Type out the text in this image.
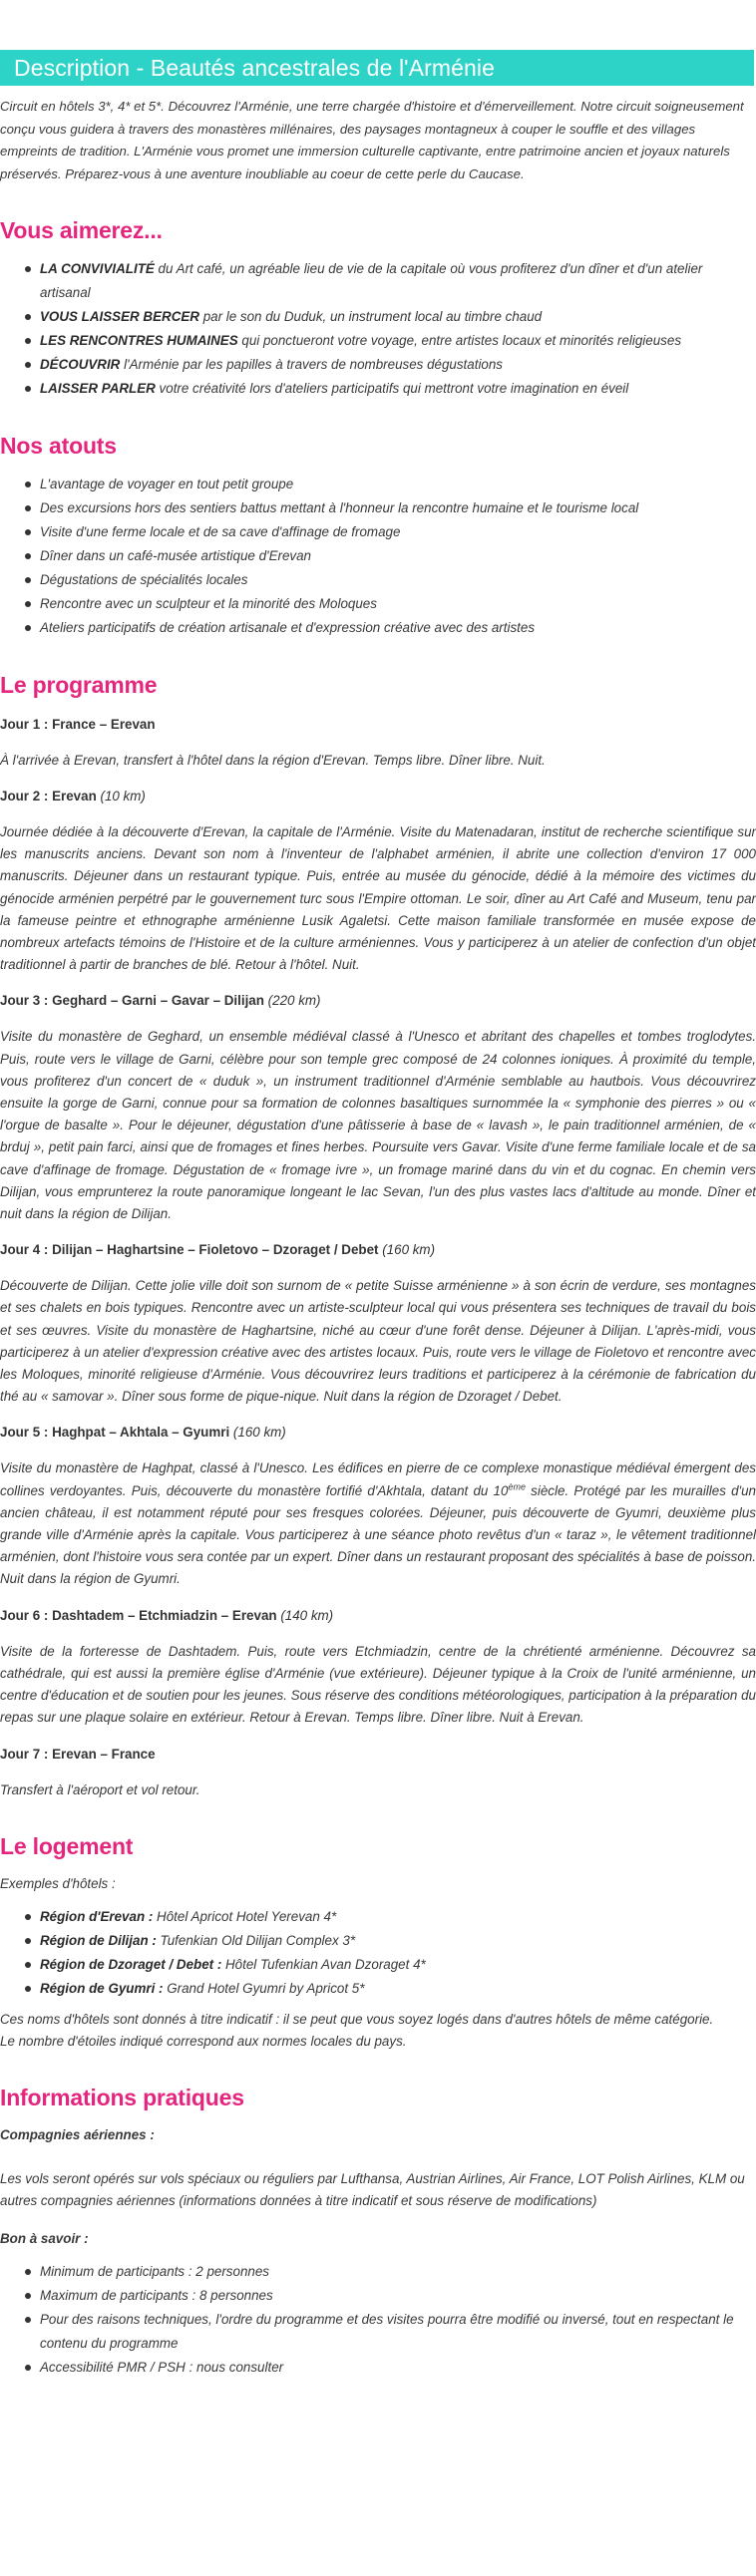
Description - Beautés ancestrales de l'Arménie
Circuit en hôtels 3*, 4* et 5*. Découvrez l'Arménie, une terre chargée d'histoire et d'émerveillement. Notre circuit soigneusement conçu vous guidera à travers des monastères millénaires, des paysages montagneux à couper le souffle et des villages empreints de tradition. L'Arménie vous promet une immersion culturelle captivante, entre patrimoine ancien et joyaux naturels préservés. Préparez-vous à une aventure inoubliable au coeur de cette perle du Caucase.
Vous aimerez...
LA CONVIVIALITÉ du Art café, un agréable lieu de vie de la capitale où vous profiterez d'un dîner et d'un atelier artisanal
VOUS LAISSER BERCER par le son du Duduk, un instrument local au timbre chaud
LES RENCONTRES HUMAINES qui ponctueront votre voyage, entre artistes locaux et minorités religieuses
DÉCOUVRIR l'Arménie par les papilles à travers de nombreuses dégustations
LAISSER PARLER votre créativité lors d'ateliers participatifs qui mettront votre imagination en éveil
Nos atouts
L'avantage de voyager en tout petit groupe
Des excursions hors des sentiers battus mettant à l'honneur la rencontre humaine et le tourisme local
Visite d'une ferme locale et de sa cave d'affinage de fromage
Dîner dans un café-musée artistique d'Erevan
Dégustations de spécialités locales
Rencontre avec un sculpteur et la minorité des Moloques
Ateliers participatifs de création artisanale et d'expression créative avec des artistes
Le programme
Jour 1 : France – Erevan
À l'arrivée à Erevan, transfert à l'hôtel dans la région d'Erevan. Temps libre. Dîner libre. Nuit.
Jour 2 : Erevan (10 km)
Journée dédiée à la découverte d'Erevan, la capitale de l'Arménie. Visite du Matenadaran, institut de recherche scientifique sur les manuscrits anciens. Devant son nom à l'inventeur de l'alphabet arménien, il abrite une collection d'environ 17 000 manuscrits. Déjeuner dans un restaurant typique. Puis, entrée au musée du génocide, dédié à la mémoire des victimes du génocide arménien perpétré par le gouvernement turc sous l'Empire ottoman. Le soir, dîner au Art Café and Museum, tenu par la fameuse peintre et ethnographe arménienne Lusik Agaletsi. Cette maison familiale transformée en musée expose de nombreux artefacts témoins de l'Histoire et de la culture arméniennes. Vous y participerez à un atelier de confection d'un objet traditionnel à partir de branches de blé. Retour à l'hôtel. Nuit.
Jour 3 : Geghard – Garni – Gavar – Dilijan (220 km)
Visite du monastère de Geghard, un ensemble médiéval classé à l'Unesco et abritant des chapelles et tombes troglodytes. Puis, route vers le village de Garni, célèbre pour son temple grec composé de 24 colonnes ioniques. À proximité du temple, vous profiterez d'un concert de « duduk », un instrument traditionnel d'Arménie semblable au hautbois. Vous découvrirez ensuite la gorge de Garni, connue pour sa formation de colonnes basaltiques surnommée la « symphonie des pierres » ou « l'orgue de basalte ». Pour le déjeuner, dégustation d'une pâtisserie à base de « lavash », le pain traditionnel arménien, de « brduj », petit pain farci, ainsi que de fromages et fines herbes. Poursuite vers Gavar. Visite d'une ferme familiale locale et de sa cave d'affinage de fromage. Dégustation de « fromage ivre », un fromage mariné dans du vin et du cognac. En chemin vers Dilijan, vous emprunterez la route panoramique longeant le lac Sevan, l'un des plus vastes lacs d'altitude au monde. Dîner et nuit dans la région de Dilijan.
Jour 4 : Dilijan – Haghartsine – Fioletovo – Dzoraget / Debet (160 km)
Découverte de Dilijan. Cette jolie ville doit son surnom de « petite Suisse arménienne » à son écrin de verdure, ses montagnes et ses chalets en bois typiques. Rencontre avec un artiste-sculpteur local qui vous présentera ses techniques de travail du bois et ses œuvres. Visite du monastère de Haghartsine, niché au cœur d'une forêt dense. Déjeuner à Dilijan. L'après-midi, vous participerez à un atelier d'expression créative avec des artistes locaux. Puis, route vers le village de Fioletovo et rencontre avec les Moloques, minorité religieuse d'Arménie. Vous découvrirez leurs traditions et participerez à la cérémonie de fabrication du thé au « samovar ». Dîner sous forme de pique-nique. Nuit dans la région de Dzoraget / Debet.
Jour 5 : Haghpat – Akhtala – Gyumri (160 km)
Visite du monastère de Haghpat, classé à l'Unesco. Les édifices en pierre de ce complexe monastique médiéval émergent des collines verdoyantes. Puis, découverte du monastère fortifié d'Akhtala, datant du 10ème siècle. Protégé par les murailles d'un ancien château, il est notamment réputé pour ses fresques colorées. Déjeuner, puis découverte de Gyumri, deuxième plus grande ville d'Arménie après la capitale. Vous participerez à une séance photo revêtus d'un « taraz », le vêtement traditionnel arménien, dont l'histoire vous sera contée par un expert. Dîner dans un restaurant proposant des spécialités à base de poisson. Nuit dans la région de Gyumri.
Jour 6 : Dashtadem – Etchmiadzin – Erevan (140 km)
Visite de la forteresse de Dashtadem. Puis, route vers Etchmiadzin, centre de la chrétienté arménienne. Découvrez sa cathédrale, qui est aussi la première église d'Arménie (vue extérieure). Déjeuner typique à la Croix de l'unité arménienne, un centre d'éducation et de soutien pour les jeunes. Sous réserve des conditions météorologiques, participation à la préparation du repas sur une plaque solaire en extérieur. Retour à Erevan. Temps libre. Dîner libre. Nuit à Erevan.
Jour 7 : Erevan – France
Transfert à l'aéroport et vol retour.
Le logement
Exemples d'hôtels :
Région d'Erevan : Hôtel Apricot Hotel Yerevan 4*
Région de Dilijan : Tufenkian Old Dilijan Complex 3*
Région de Dzoraget / Debet : Hôtel Tufenkian Avan Dzoraget 4*
Région de Gyumri : Grand Hotel Gyumri by Apricot 5*
Ces noms d'hôtels sont donnés à titre indicatif : il se peut que vous soyez logés dans d'autres hôtels de même catégorie.
Le nombre d'étoiles indiqué correspond aux normes locales du pays.
Informations pratiques
Compagnies aériennes :
Les vols seront opérés sur vols spéciaux ou réguliers par Lufthansa, Austrian Airlines, Air France, LOT Polish Airlines, KLM ou autres compagnies aériennes (informations données à titre indicatif et sous réserve de modifications)
Bon à savoir :
Minimum de participants : 2 personnes
Maximum de participants : 8 personnes
Pour des raisons techniques, l'ordre du programme et des visites pourra être modifié ou inversé, tout en respectant le contenu du programme
Accessibilité PMR / PSH : nous consulter
